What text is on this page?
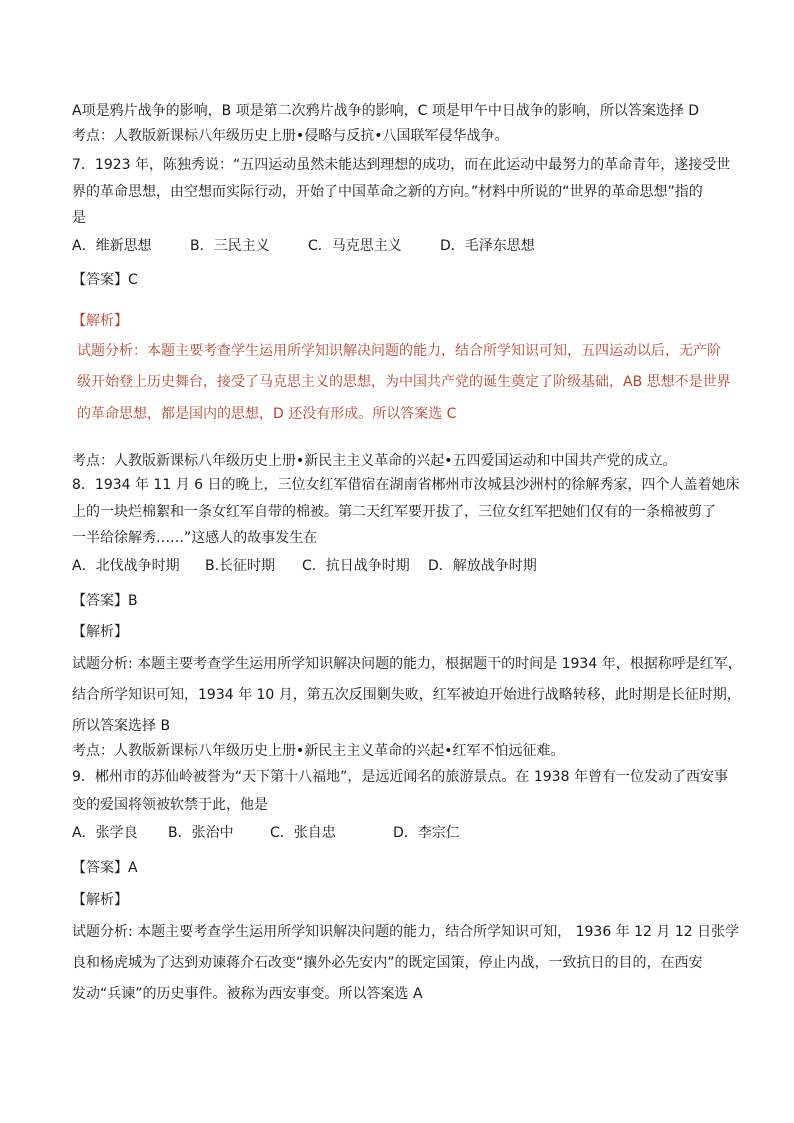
A项是鸦片战争的影响，B 项是第二次鸦片战争的影响，C 项是甲午中日战争的影响，所以答案选择 D
考点：人教版新课标八年级历史上册•侵略与反抗•八国联军侵华战争。
7．1923 年，陈独秀说：“五四运动虽然未能达到理想的成功，而在此运动中最努力的革命青年，遂接受世
界的革命思想，由空想而实际行动，开始了中国革命之新的方向。”材料中所说的“世界的革命思想”指的
是
A．维新思想	B．三民主义	C．马克思主义	D．毛泽东思想
【答案】C
【解析】
试题分析：本题主要考查学生运用所学知识解决问题的能力，结合所学知识可知，五四运动以后，无产阶
级开始登上历史舞台，接受了马克思主义的思想，为中国共产党的诞生奠定了阶级基础，AB 思想不是世界
的革命思想，都是国内的思想，D 还没有形成。所以答案选 C
考点：人教版新课标八年级历史上册•新民主主义革命的兴起•五四爱国运动和中国共产党的成立。
8．1934 年 11 月 6 日的晚上，三位女红军借宿在湖南省郴州市汝城县沙洲村的徐解秀家，四个人盖着她床
上的一块烂棉絮和一条女红军自带的棉被。第二天红军要开拔了，三位女红军把她们仅有的一条棉被剪了
一半给徐解秀……”这感人的故事发生在
A．北伐战争时期 B.长征时期 C．抗日战争时期 D．解放战争时期
【答案】B
【解析】
试题分析: 本题主要考查学生运用所学知识解决问题的能力，根据题干的时间是 1934 年，根据称呼是红军，
结合所学知识可知，1934 年 10 月，第五次反围剿失败，红军被迫开始进行战略转移，此时期是长征时期，
所以答案选择 B
考点：人教版新课标八年级历史上册•新民主主义革命的兴起•红军不怕远征难。
9．郴州市的苏仙岭被誉为“天下第十八福地”，是远近闻名的旅游景点。在 1938 年曾有一位发动了西安事
变的爱国将领被软禁于此，他是
A．张学良 B．张治中	C．张自忠	D．李宗仁
【答案】A
【解析】
试题分析: 本题主要考查学生运用所学知识解决问题的能力，结合所学知识可知， 1936 年 12 月 12 日张学
良和杨虎城为了达到劝谏蒋介石改变“攘外必先安内”的既定国策，停止内战，一致抗日的目的，在西安
发动“兵谏”的历史事件。被称为西安事变。所以答案选 A
